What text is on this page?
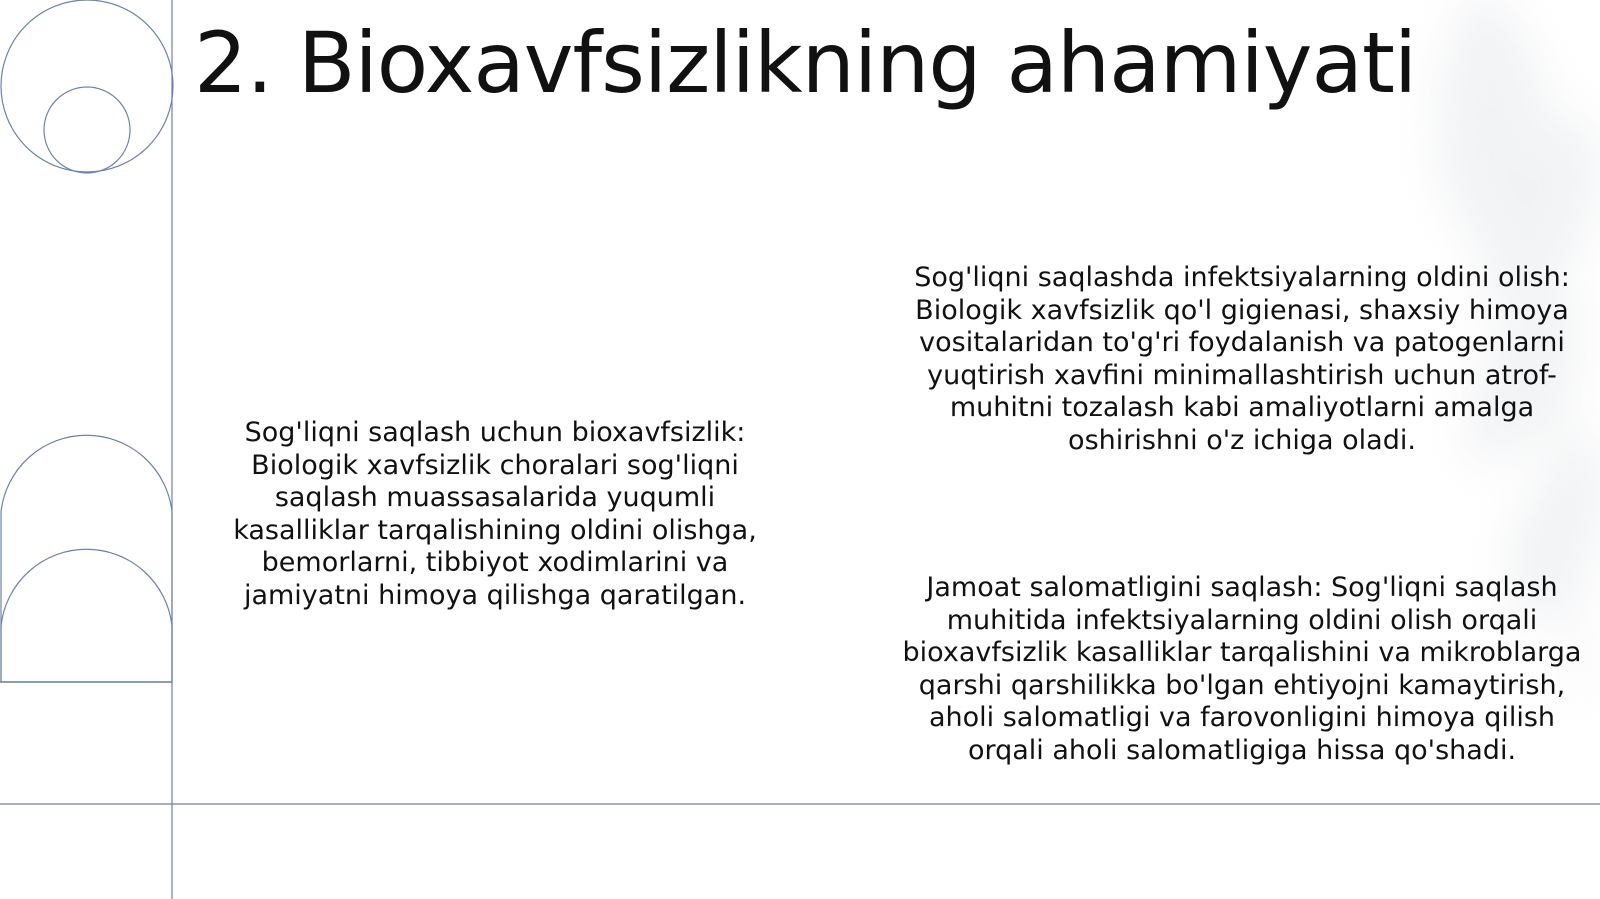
2. Bioxavfsizlikning ahamiyati

Sog'liqni saqlash uchun bioxavfsizlik: Biologik xavfsizlik choralari sog'liqni saqlash muassasalarida yuqumli kasalliklar tarqalishining oldini olishga, bemorlarni, tibbiyot xodimlarini va jamiyatni himoya qilishga qaratilgan.

Sog'liqni saqlashda infektsiyalarning oldini olish: Biologik xavfsizlik qo'l gigienasi, shaxsiy himoya vositalaridan to'g'ri foydalanish va patogenlarni yuqtirish xavfini minimallashtirish uchun atrof-muhitni tozalash kabi amaliyotlarni amalga oshirishni o'z ichiga oladi.

Jamoat salomatligini saqlash: Sog'liqni saqlash muhitida infektsiyalarning oldini olish orqali bioxavfsizlik kasalliklar tarqalishini va mikroblarga qarshi qarshilikka bo'lgan ehtiyojni kamaytirish, aholi salomatligi va farovonligini himoya qilish orqali aholi salomatligiga hissa qo'shadi.
